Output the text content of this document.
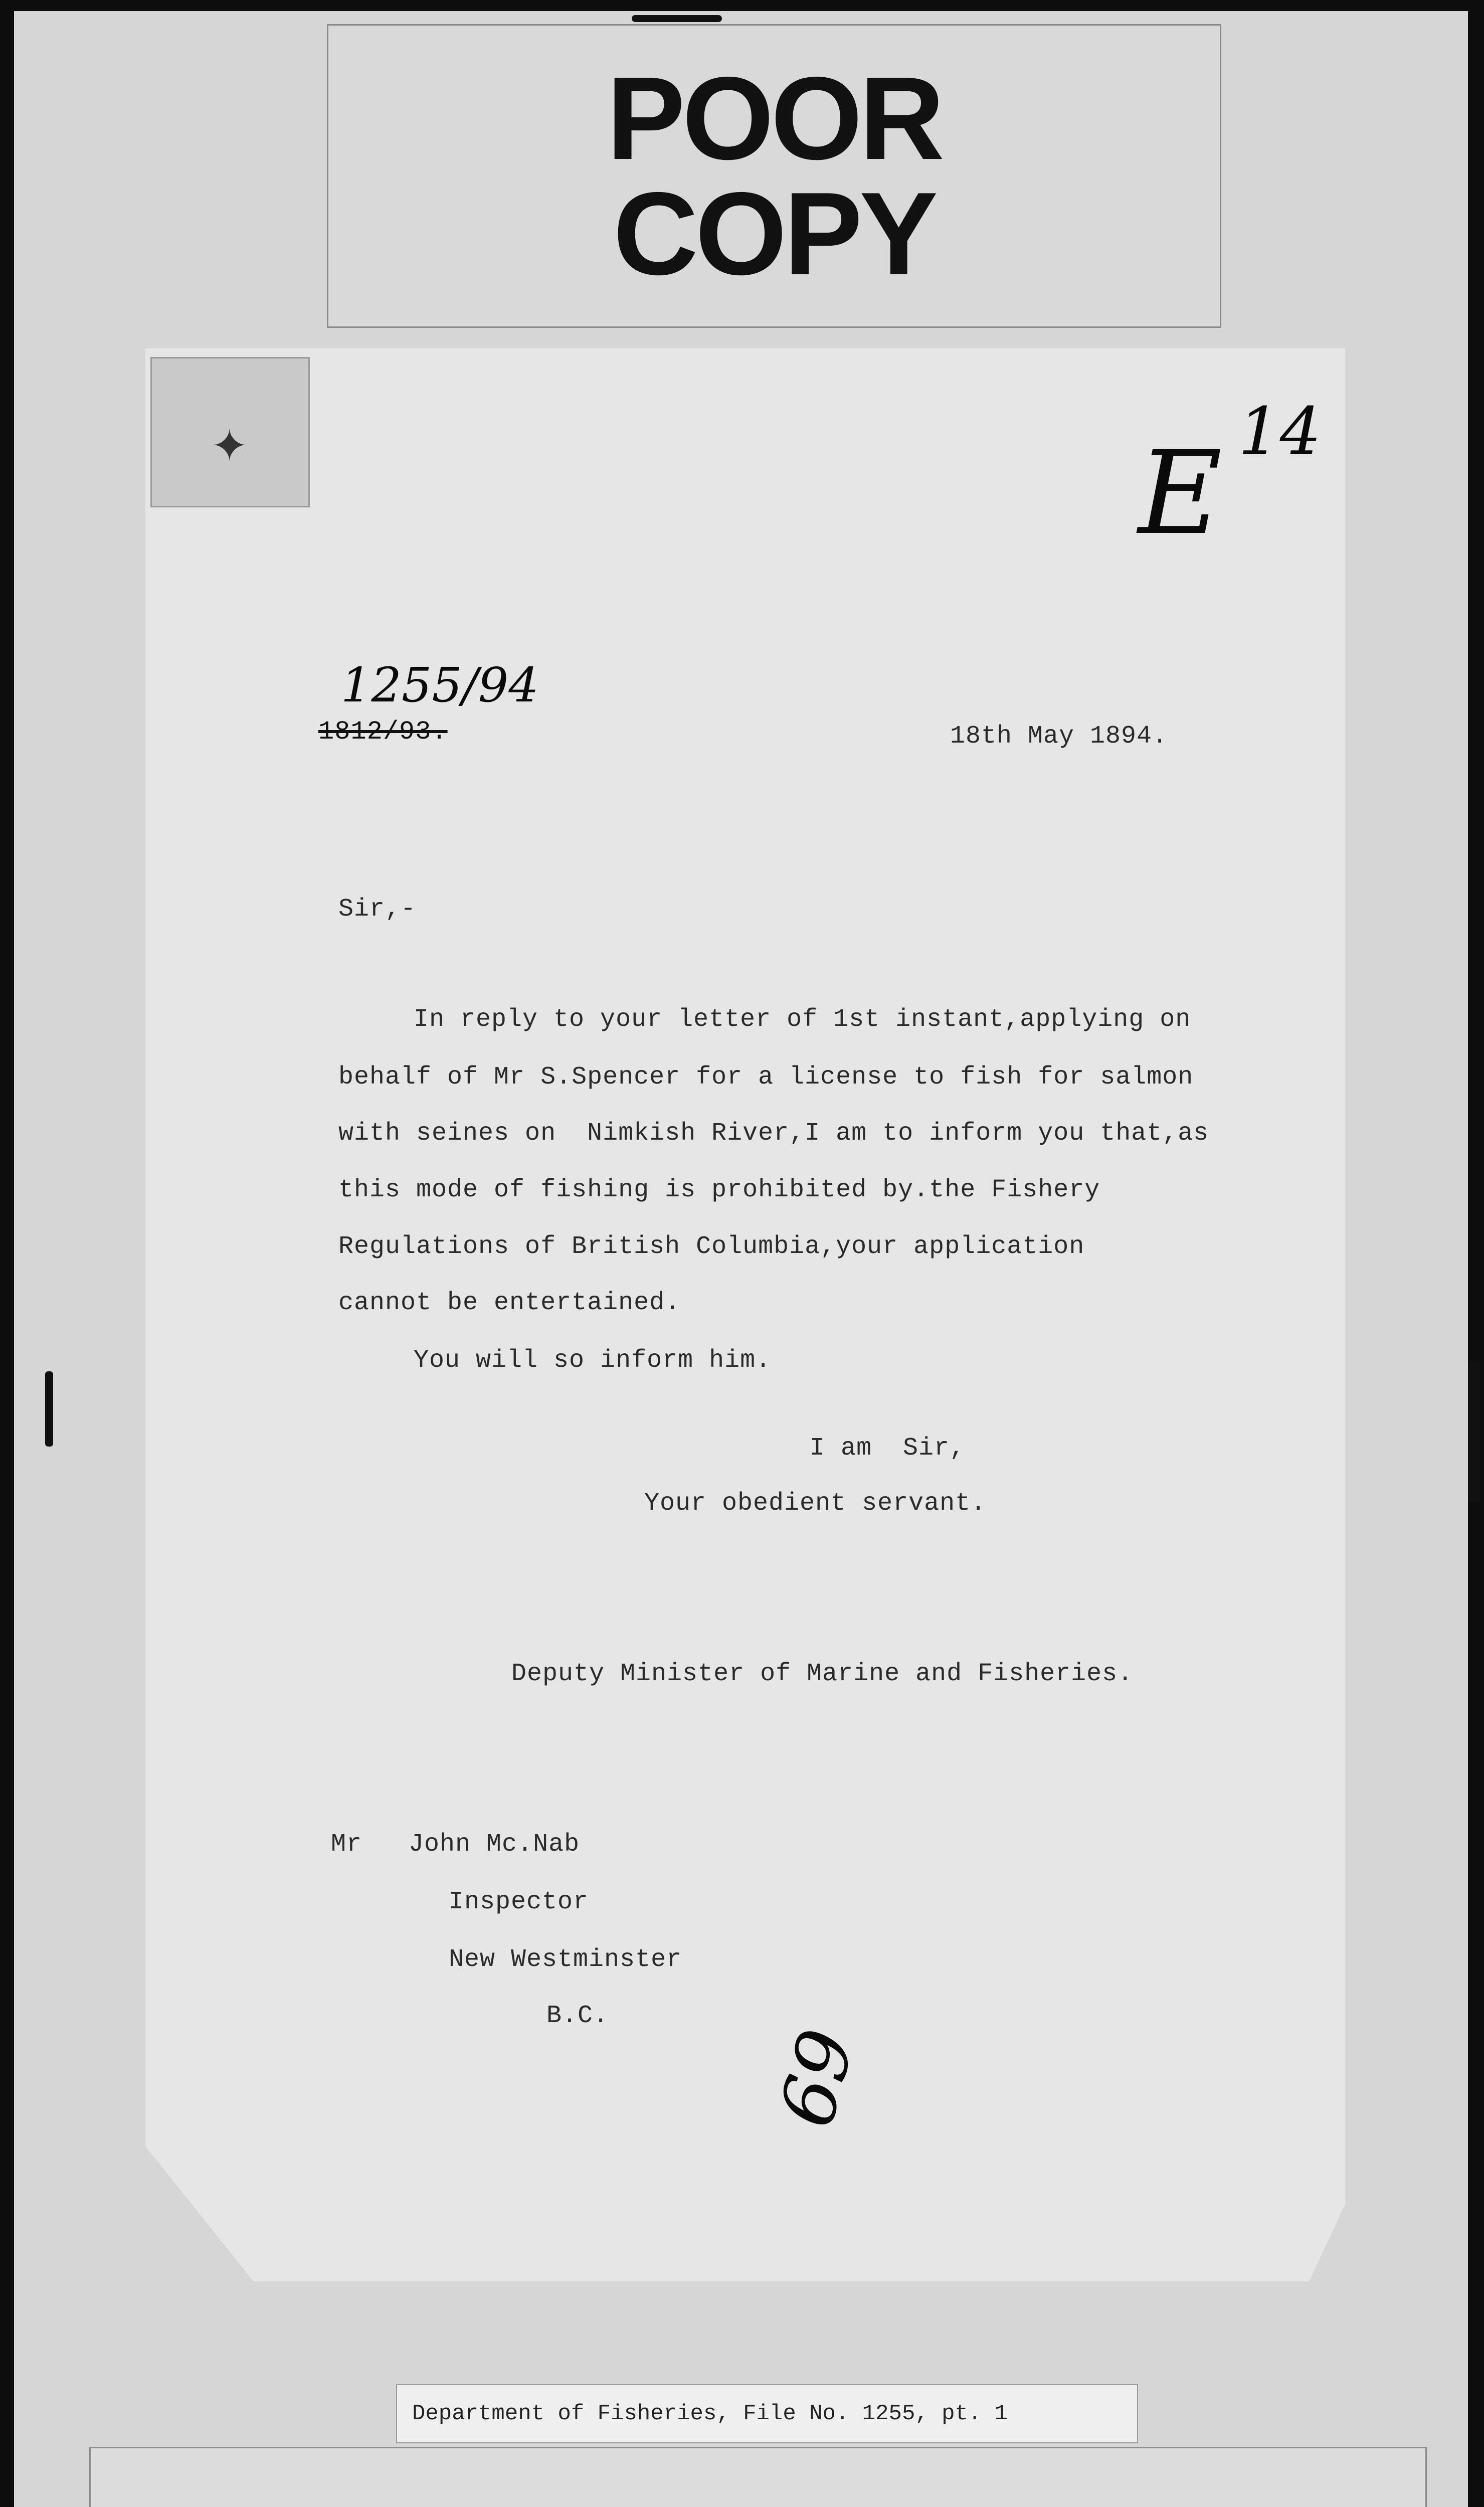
POOR
COPY
✦	E 14
1255/94
1812/93.	18th May 1894.
Sir,-
In reply to your letter of 1st instant,applying on
behalf of Mr S.Spencer for a license to fish for salmon
with seines on  Nimkish River,I am to inform you that,as
this mode of fishing is prohibited by.the Fishery
Regulations of British Columbia,your application
cannot be entertained.
You will so inform him.
I am  Sir,
Your obedient servant.
Deputy Minister of Marine and Fisheries.
Mr   John Mc.Nab
Inspector
New Westminster
B.C.
69
Department of Fisheries, File No. 1255, pt. 1
